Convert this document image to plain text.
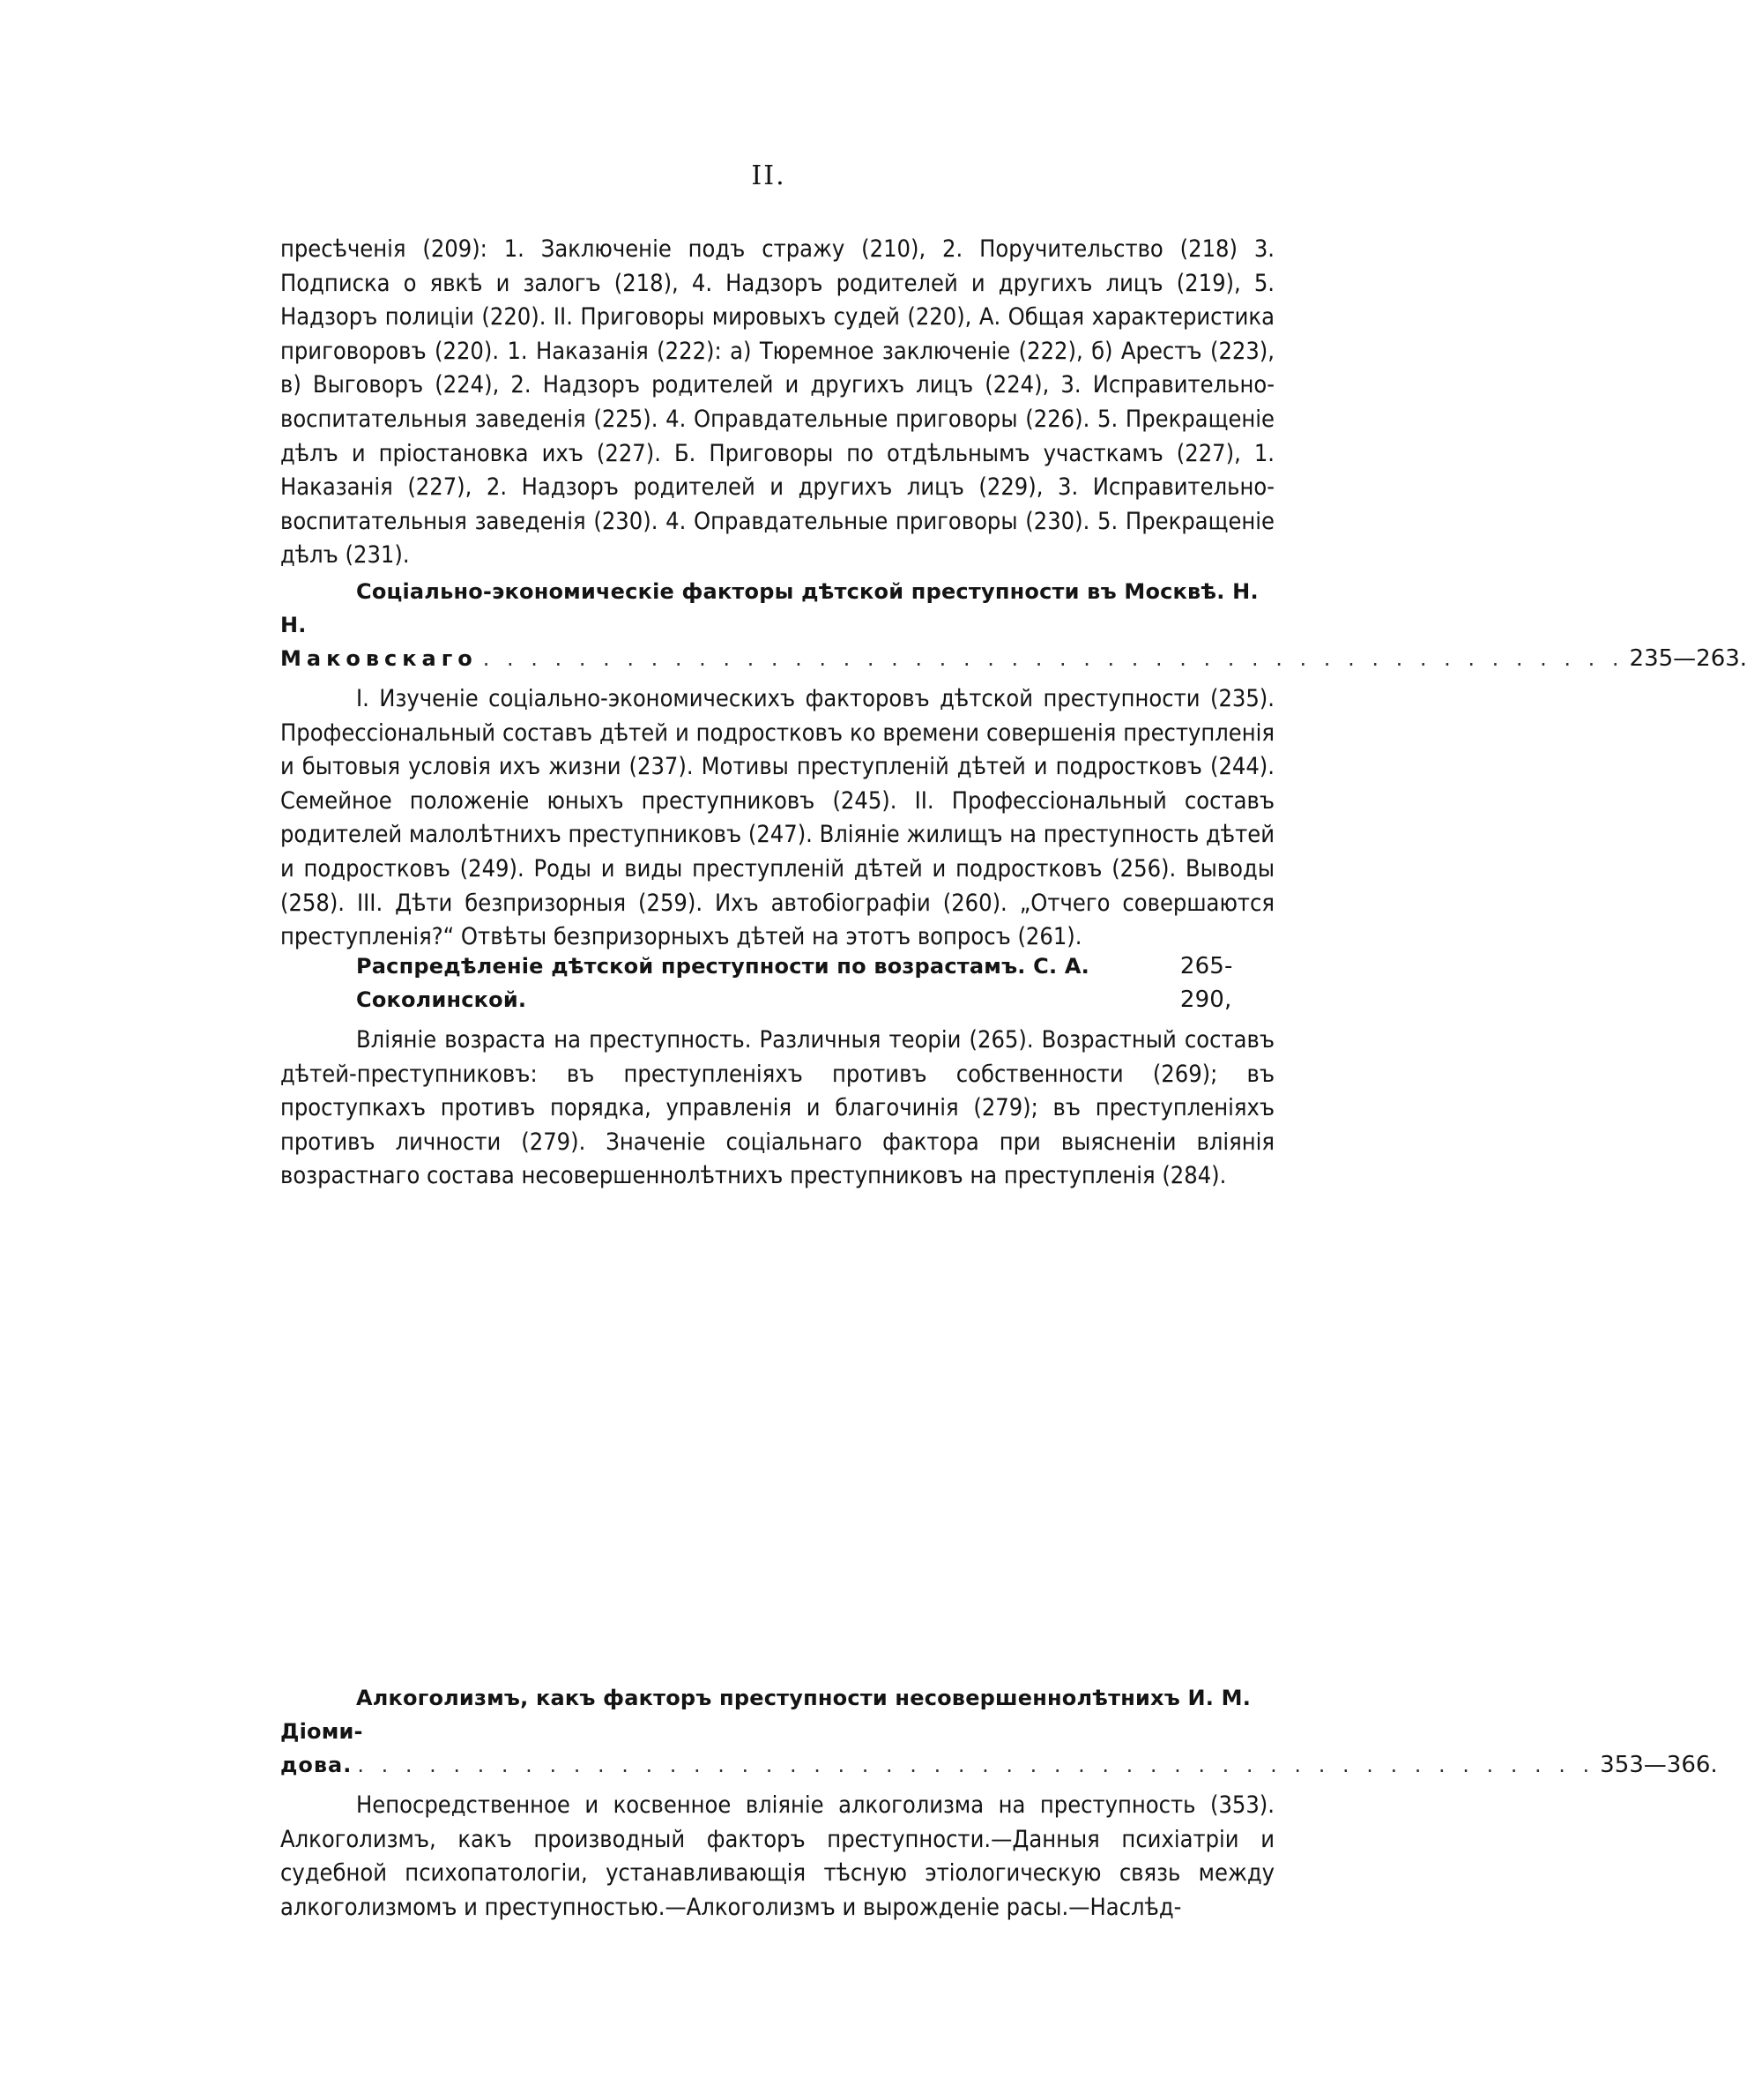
II.

пресѣченія (209): 1. Заключеніе подъ стражу (210), 2. Поручительство (218) 3. Подписка о явкѣ и залогъ (218), 4. Надзоръ родителей и другихъ лицъ (219), 5. Надзоръ полиціи (220). II. Приговоры мировыхъ судей (220), А. Общая характеристика приговоровъ (220). 1. Наказанія (222): а) Тюремное заключеніе (222), б) Арестъ (223), в) Выговоръ (224), 2. Надзоръ родителей и другихъ лицъ (224), 3. Исправительно-воспитательныя заведенія (225). 4. Оправдательные приговоры (226). 5. Прекращеніе дѣлъ и пріостановка ихъ (227). Б. Приговоры по отдѣльнымъ участкамъ (227), 1. Наказанія (227), 2. Надзоръ родителей и другихъ лицъ (229), 3. Исправительно-воспитательныя заведенія (230). 4. Оправдательные приговоры (230). 5. Прекращеніе дѣлъ (231).

Соціально-экономическіе факторы дѣтской преступности въ Москвѣ. Н. Н.

Маковскаго . . . . . . . . . . . . . . . . . . . . . . . . . . . . . . . . . . . . . . . . . . . . . . . . 235—263.

I. Изученіе соціально-экономическихъ факторовъ дѣтской преступности (235). Профессіональный составъ дѣтей и подростковъ ко времени совершенія преступленія и бытовыя условія ихъ жизни (237). Мотивы преступленій дѣтей и подростковъ (244). Семейное положеніе юныхъ преступниковъ (245). II. Профессіональный составъ родителей малолѣтнихъ преступниковъ (247). Вліяніе жилищъ на преступность дѣтей и подростковъ (249). Роды и виды преступленій дѣтей и подростковъ (256). Выводы (258). III. Дѣти безпризорныя (259). Ихъ автобіографіи (260). „Отчего совершаются преступленія?“ Отвѣты безпризорныхъ дѣтей на этотъ вопросъ (261).

Распредѣленіе дѣтской преступности по возрастамъ. С. А. Соколинской.
265-290,

Вліяніе возраста на преступность. Различныя теоріи (265). Возрастный составъ дѣтей-преступниковъ: въ преступленіяхъ противъ собственности (269); въ проступкахъ противъ порядка, управленія и благочинія (279); въ преступленіяхъ противъ личности (279). Значеніе соціальнаго фактора при выясненіи вліянія возрастнаго состава несовершеннолѣтнихъ преступниковъ на преступленія (284).

Алкоголизмъ, какъ факторъ преступности несовершеннолѣтнихъ И. М. Діоми-

дова. . . . . . . . . . . . . . . . . . . . . . . . . . . . . . . . . . . . . . . . . . . . . . . . . . . . . 353—366.

Непосредственное и косвенное вліяніе алкоголизма на преступность (353). Алкоголизмъ, какъ производный факторъ преступности.—Данныя психіатріи и судебной психопатологіи, устанавливающія тѣсную этіологическую связь между алкоголизмомъ и преступностью.—Алкоголизмъ и вырожденіе расы.—Наслѣд-
